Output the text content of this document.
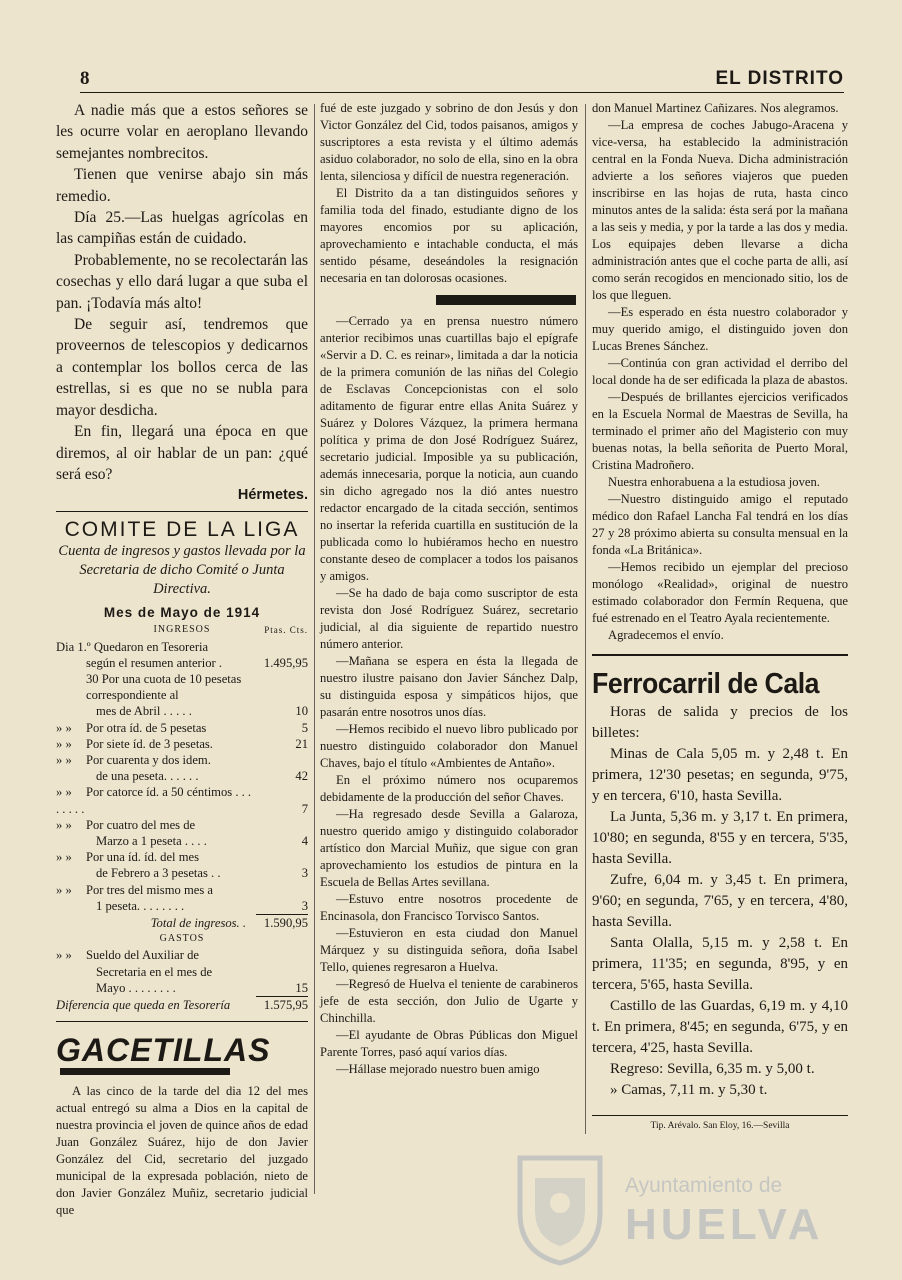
8	EL DISTRITO

A nadie más que a estos señores se les ocurre volar en aeroplano llevando semejantes nombrecitos.

Tienen que venirse abajo sin más remedio.

Día 25.—Las huelgas agrícolas en las campiñas están de cuidado.

Probablemente, no se recolectarán las cosechas y ello dará lugar a que suba el pan. ¡Todavía más alto!

De seguir así, tendremos que proveernos de telescopios y dedicarnos a contemplar los bollos cerca de las estrellas, si es que no se nubla para mayor desdicha.

En fin, llegará una época en que diremos, al oir hablar de un pan: ¿qué será eso?

Hérmetes.
COMITE DE LA LIGA
Cuenta de ingresos y gastos llevada por la Secretaria de dicho Comité o Junta Directiva.
Mes de Mayo de 1914
INGRESOS	Ptas. Cts.
Dia 1.º Quedaron en Tesoreria
según el resumen anterior .	1.495,95
30 Por una cuota de 10 pesetas correspondiente al
mes de Abril . . . . .	10
» » Por otra íd. de 5 pesetas	5
» » Por siete íd. de 3 pesetas.	21
» » Por cuarenta y dos idem.
de una peseta. . . . . .	42
» » Por catorce íd. a 50 céntimos . . . . . . . .	7
» » Por cuatro del mes de
Marzo a 1 peseta . . . .	4
» » Por una íd. íd. del mes
de Febrero a 3 pesetas . .	3
» » Por tres del mismo mes a
1 peseta. . . . . . . .	3
Total de ingresos. .	1.590,95
GASTOS
» » Sueldo del Auxiliar de
Secretaria en el mes de
Mayo . . . . . . . .	15
Diferencia que queda en Tesorería	1.575,95
GACETILLAS

A las cinco de la tarde del dia 12 del mes actual entregó su alma a Dios en la capital de nuestra provincia el joven de quince años de edad Juan González Suárez, hijo de don Javier González del Cid, secretario del juzgado municipal de la expresada población, nieto de don Javier González Muñiz, secretario judicial que

fué de este juzgado y sobrino de don Jesús y don Victor González del Cid, todos paisanos, amigos y suscriptores a esta revista y el último además asiduo colaborador, no solo de ella, sino en la obra lenta, silenciosa y difícil de nuestra regeneración.

El Distrito da a tan distinguidos señores y familia toda del finado, estudiante digno de los mayores encomios por su aplicación, aprovechamiento e intachable conducta, el más sentido pésame, deseándoles la resignación necesaria en tan dolorosas ocasiones.

—Cerrado ya en prensa nuestro número anterior recibimos unas cuartillas bajo el epígrafe «Servir a D. C. es reinar», limitada a dar la noticia de la primera comunión de las niñas del Colegio de Esclavas Concepcionistas con el solo aditamento de figurar entre ellas Anita Suárez y Suárez y Dolores Vázquez, la primera hermana política y prima de don José Rodríguez Suárez, secretario judicial. Imposible ya su publicación, además innecesaria, porque la noticia, aun cuando sin dicho agregado nos la dió antes nuestro redactor encargado de la citada sección, sentimos no insertar la referida cuartilla en sustitución de la publicada como lo hubiéramos hecho en nuestro constante deseo de complacer a todos los paisanos y amigos.

—Se ha dado de baja como suscriptor de esta revista don José Rodríguez Suárez, secretario judicial, al dia siguiente de repartido nuestro número anterior.

—Mañana se espera en ésta la llegada de nuestro ilustre paisano don Javier Sánchez Dalp, su distinguida esposa y simpáticos hijos, que pasarán entre nosotros unos días.

—Hemos recibido el nuevo libro publicado por nuestro distinguido colaborador don Manuel Chaves, bajo el título «Ambientes de Antaño».

En el próximo número nos ocuparemos debidamente de la producción del señor Chaves.

—Ha regresado desde Sevilla a Galaroza, nuestro querido amigo y distinguido colaborador artístico don Marcial Muñiz, que sigue con gran aprovechamiento los estudios de pintura en la Escuela de Bellas Artes sevillana.

—Estuvo entre nosotros procedente de Encinasola, don Francisco Torvisco Santos.

—Estuvieron en esta ciudad don Manuel Márquez y su distinguida señora, doña Isabel Tello, quienes regresaron a Huelva.

—Regresó de Huelva el teniente de carabineros jefe de esta sección, don Julio de Ugarte y Chinchilla.

—El ayudante de Obras Públicas don Miguel Parente Torres, pasó aquí varios días.

—Hállase mejorado nuestro buen amigo

don Manuel Martinez Cañizares. Nos alegramos.

—La empresa de coches Jabugo-Aracena y vice-versa, ha establecido la administración central en la Fonda Nueva. Dicha administración advierte a los señores viajeros que pueden inscribirse en las hojas de ruta, hasta cinco minutos antes de la salida: ésta será por la mañana a las seis y media, y por la tarde a las dos y media. Los equipajes deben llevarse a dicha administración antes que el coche parta de alli, así como serán recogidos en mencionado sitio, los de los que lleguen.

—Es esperado en ésta nuestro colaborador y muy querido amigo, el distinguido joven don Lucas Brenes Sánchez.

—Continúa con gran actividad el derribo del local donde ha de ser edificada la plaza de abastos.

—Después de brillantes ejercicios verificados en la Escuela Normal de Maestras de Sevilla, ha terminado el primer año del Magisterio con muy buenas notas, la bella señorita de Puerto Moral, Cristina Madroñero.

Nuestra enhorabuena a la estudiosa joven.

—Nuestro distinguido amigo el reputado médico don Rafael Lancha Fal tendrá en los días 27 y 28 próximo abierta su consulta mensual en la fonda «La Británica».

—Hemos recibido un ejemplar del precioso monólogo «Realidad», original de nuestro estimado colaborador don Fermín Requena, que fué estrenado en el Teatro Ayala recientemente.

Agradecemos el envío.

Ferrocarril de Cala

Horas de salida y precios de los billetes:

Minas de Cala 5,05 m. y 2,48 t. En primera, 12'30 pesetas; en segunda, 9'75, y en tercera, 6'10, hasta Sevilla.

La Junta, 5,36 m. y 3,17 t. En primera, 10'80; en segunda, 8'55 y en tercera, 5'35, hasta Sevilla.

Zufre, 6,04 m. y 3,45 t. En primera, 9'60; en segunda, 7'65, y en tercera, 4'80, hasta Sevilla.

Santa Olalla, 5,15 m. y 2,58 t. En primera, 11'35; en segunda, 8'95, y en tercera, 5'65, hasta Sevilla.

Castillo de las Guardas, 6,19 m. y 4,10 t. En primera, 8'45; en segunda, 6'75, y en tercera, 4'25, hasta Sevilla.

Regreso: Sevilla, 6,35 m. y 5,00 t.

» Camas, 7,11 m. y 5,30 t.

Tip. Arévalo. San Eloy, 16.—Sevilla
Ayuntamiento de
HUELVA
